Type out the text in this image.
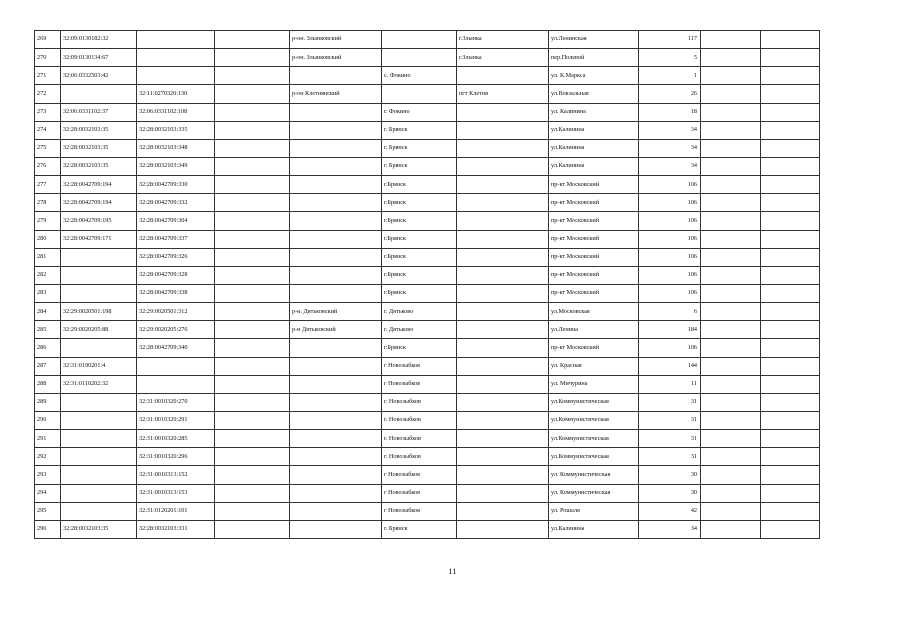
269	32:09:0130182:32			р-он. Злынковский		г.Злынка	ул.Ленинская	117		
270	32:09:0130134:67			р-он. Злынковский		г.Злынка	пер.Полевой	5		
271	32:06:0332503:42				с. Фокино		ул. К.Маркса	1		
272		32:11:0270320:130		р-он Клетнянский		пгт Клетня	ул.Вокзальная	26		
273	32:06:0331102:37	32:06:0331102:108			г. Фокино		ул. Калинина	18		
274	32:28:0032103:35	32:28:0032103:335			г. Брянск		ул.Калинина	34		
275	32:28:0032103:35	32:28:0032103:348			г. Брянск		ул.Калинина	34		
276	32:28:0032103:35	32:28:0032103:349			г. Брянск		ул.Калинина	34		
277	32:28:0042709:194	32:28:0042709:330			г.Брянск		пр-кт Московский	106		
278	32:28:0042709:194	32:28:0042709:332			г.Брянск		пр-кт Московский	106		
279	32:28:0042709:195	32:28:0042709:304			г.Брянск		пр-кт Московский	106		
280	32:28:0042709:171	32:28:0042709:337			г.Брянск		пр-кт Московский	106		
281		32:28:0042709:326			г.Брянск		пр-кт Московский	106		
282		32:28:0042709:328			г.Брянск		пр-кт Московский	106		
283		32:28:0042709:338			г.Брянск		пр-кт Московский	106		
284	32:29:0020501:198	32:29:0020501:312		р-н. Дятьковский	г. Дятьково		ул.Московская	6		
285	32:29:0020205:88	32:29:0020205:276		р-н Дятьковский	г. Дятьково		ул.Ленина	184		
286		32:28:0042709:340			г.Брянск		пр-кт Московский	106		
287	32:31:0190201:4				г Новозыбков		ул. Красная	144		
288	32:31:0110202:32				г Новозыбков		ул. Мичурина	11		
289		32:31:0010320:270			г. Новозыбков		ул.Коммунистическая	31		
290		32:31:0010320:291			г. Новозыбков		ул.Коммунистическая	31		
291		32:31:0010320:285			г. Новозыбков		ул.Коммунистическая	31		
292		32:31:0010320:296			г. Новозыбков		ул.Коммунистическая	31		
293		32:31:0010313:152			г Новозыбков		ул. Коммунистическая	30		
294		32:31:0010313:153			г Новозыбков		ул. Коммунистическая	30		
295		32:31:0120201:101			г Новозыбков		ул. Рошаля	42		
296	32:28:0032103:35	32:28:0032103:331			г. Брянск		ул.Калинина	34		
11
